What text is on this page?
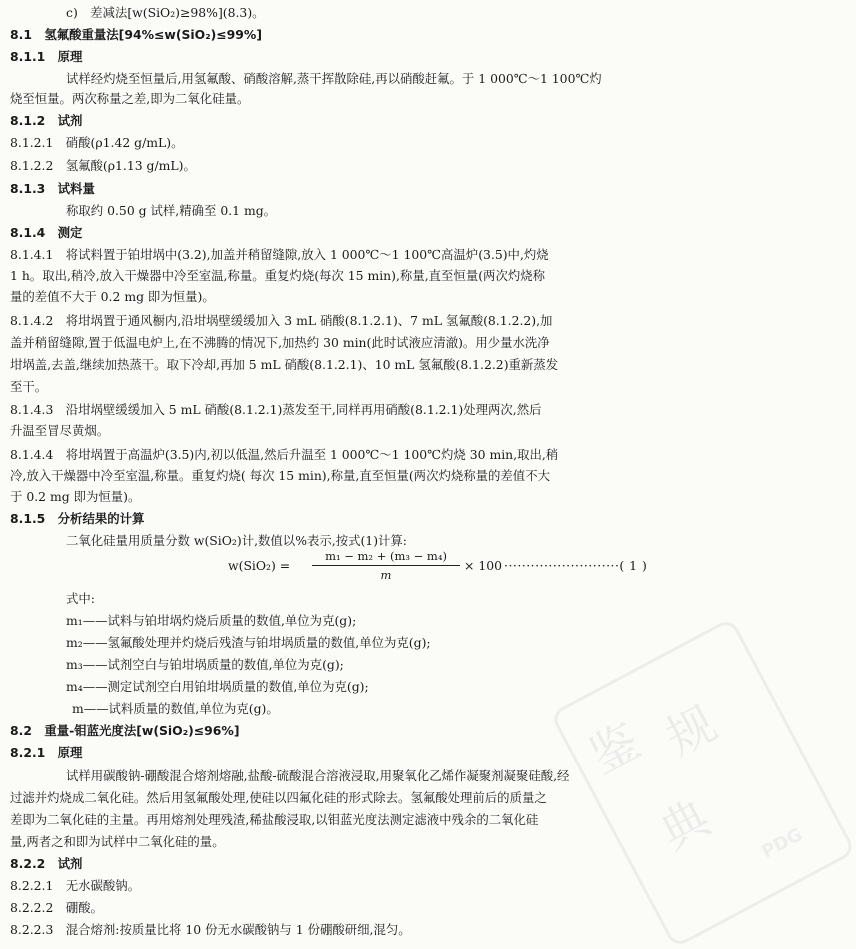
c)　差减法[w(SiO₂)≥98%](8.3)。
8.1　氢氟酸重量法[94%≤w(SiO₂)≤99%]
8.1.1　原理
试样经灼烧至恒量后,用氢氟酸、硝酸溶解,蒸干挥散除硅,再以硝酸赶氟。于 1 000℃～1 100℃灼
烧至恒量。两次称量之差,即为二氧化硅量。
8.1.2　试剂
8.1.2.1　硝酸(ρ1.42 g/mL)。
8.1.2.2　氢氟酸(ρ1.13 g/mL)。
8.1.3　试料量
称取约 0.50 g 试样,精确至 0.1 mg。
8.1.4　测定
8.1.4.1　将试料置于铂坩埚中(3.2),加盖并稍留缝隙,放入 1 000℃～1 100℃高温炉(3.5)中,灼烧
1 h。取出,稍冷,放入干燥器中冷至室温,称量。重复灼烧(每次 15 min),称量,直至恒量(两次灼烧称
量的差值不大于 0.2 mg 即为恒量)。
8.1.4.2　将坩埚置于通风橱内,沿坩埚壁缓缓加入 3 mL 硝酸(8.1.2.1)、7 mL 氢氟酸(8.1.2.2),加
盖并稍留缝隙,置于低温电炉上,在不沸腾的情况下,加热约 30 min(此时试液应清澈)。用少量水洗净
坩埚盖,去盖,继续加热蒸干。取下冷却,再加 5 mL 硝酸(8.1.2.1)、10 mL 氢氟酸(8.1.2.2)重新蒸发
至干。
8.1.4.3　沿坩埚壁缓缓加入 5 mL 硝酸(8.1.2.1)蒸发至干,同样再用硝酸(8.1.2.1)处理两次,然后
升温至冒尽黄烟。
8.1.4.4　将坩埚置于高温炉(3.5)内,初以低温,然后升温至 1 000℃～1 100℃灼烧 30 min,取出,稍
冷,放入干燥器中冷至室温,称量。重复灼烧( 每次 15 min),称量,直至恒量(两次灼烧称量的差值不大
于 0.2 mg 即为恒量)。
8.1.5　分析结果的计算
二氧化硅量用质量分数 w(SiO₂)计,数值以%表示,按式(1)计算:
w(SiO₂) =
m₁ − m₂ + (m₃ − m₄)
m
× 100 ··························( 1 )
式中:
m₁——试料与铂坩埚灼烧后质量的数值,单位为克(g);
m₂——氢氟酸处理并灼烧后残渣与铂坩埚质量的数值,单位为克(g);
m₃——试剂空白与铂坩埚质量的数值,单位为克(g);
m₄——测定试剂空白用铂坩埚质量的数值,单位为克(g);
m——试料质量的数值,单位为克(g)。
8.2　重量-钼蓝光度法[w(SiO₂)≤96%]
8.2.1　原理
试样用碳酸钠-硼酸混合熔剂熔融,盐酸-硫酸混合溶液浸取,用聚氧化乙烯作凝聚剂凝聚硅酸,经
过滤并灼烧成二氧化硅。然后用氢氟酸处理,使硅以四氟化硅的形式除去。氢氟酸处理前后的质量之
差即为二氧化硅的主量。再用熔剂处理残渣,稀盐酸浸取,以钼蓝光度法测定滤液中残余的二氧化硅
量,两者之和即为试样中二氧化硅的量。
8.2.2　试剂
8.2.2.1　无水碳酸钠。
8.2.2.2　硼酸。
8.2.2.3　混合熔剂:按质量比将 10 份无水碳酸钠与 1 份硼酸研细,混匀。
鉴 规
典 PDG
